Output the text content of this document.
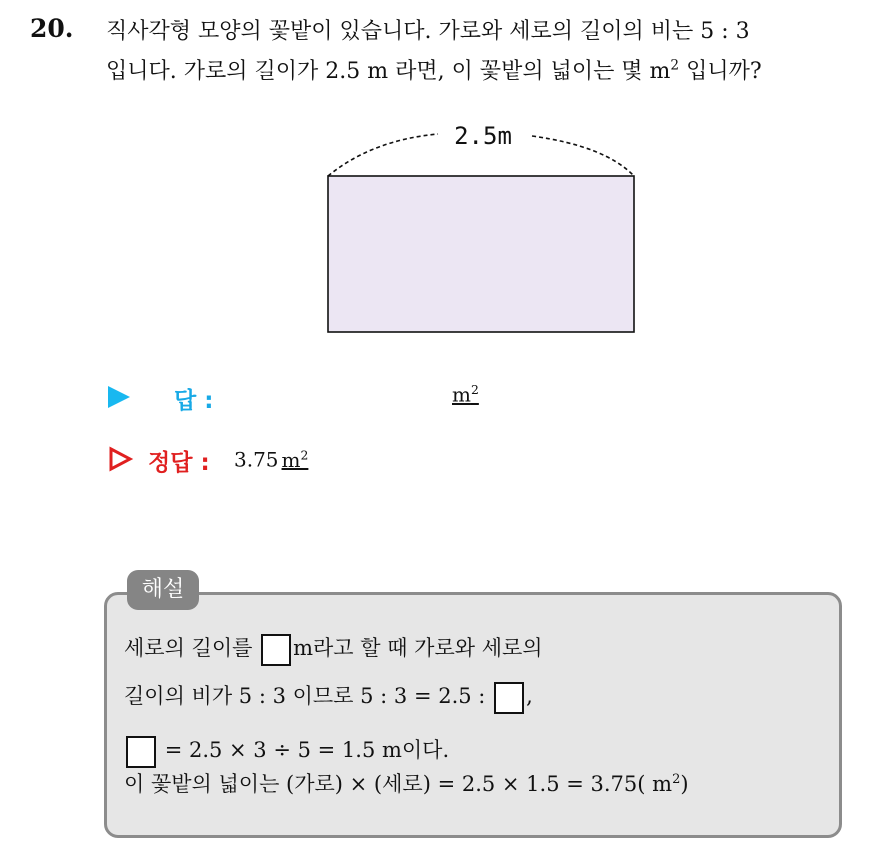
20. 직사각형 모양의 꽃밭이 있습니다. 가로와 세로의 길이의 비는 5 : 3
입니다. 가로의 길이가 2.5 m 라면, 이 꽃밭의 넓이는 몇 $m^2$ 입니까?
2.5m
답 :	$m^2$
정답 : 3.75 $m^2$
해설
세로의 길이를 m라고 할 때 가로와 세로의
길이의 비가 5 : 3 이므로 5 : 3 = 2.5 : ,
= 2.5 × 3 ÷ 5 = 1.5 m이다.
이 꽃밭의 넓이는 (가로) × (세로) = 2.5 × 1.5 = 3.75( $m^2$)
